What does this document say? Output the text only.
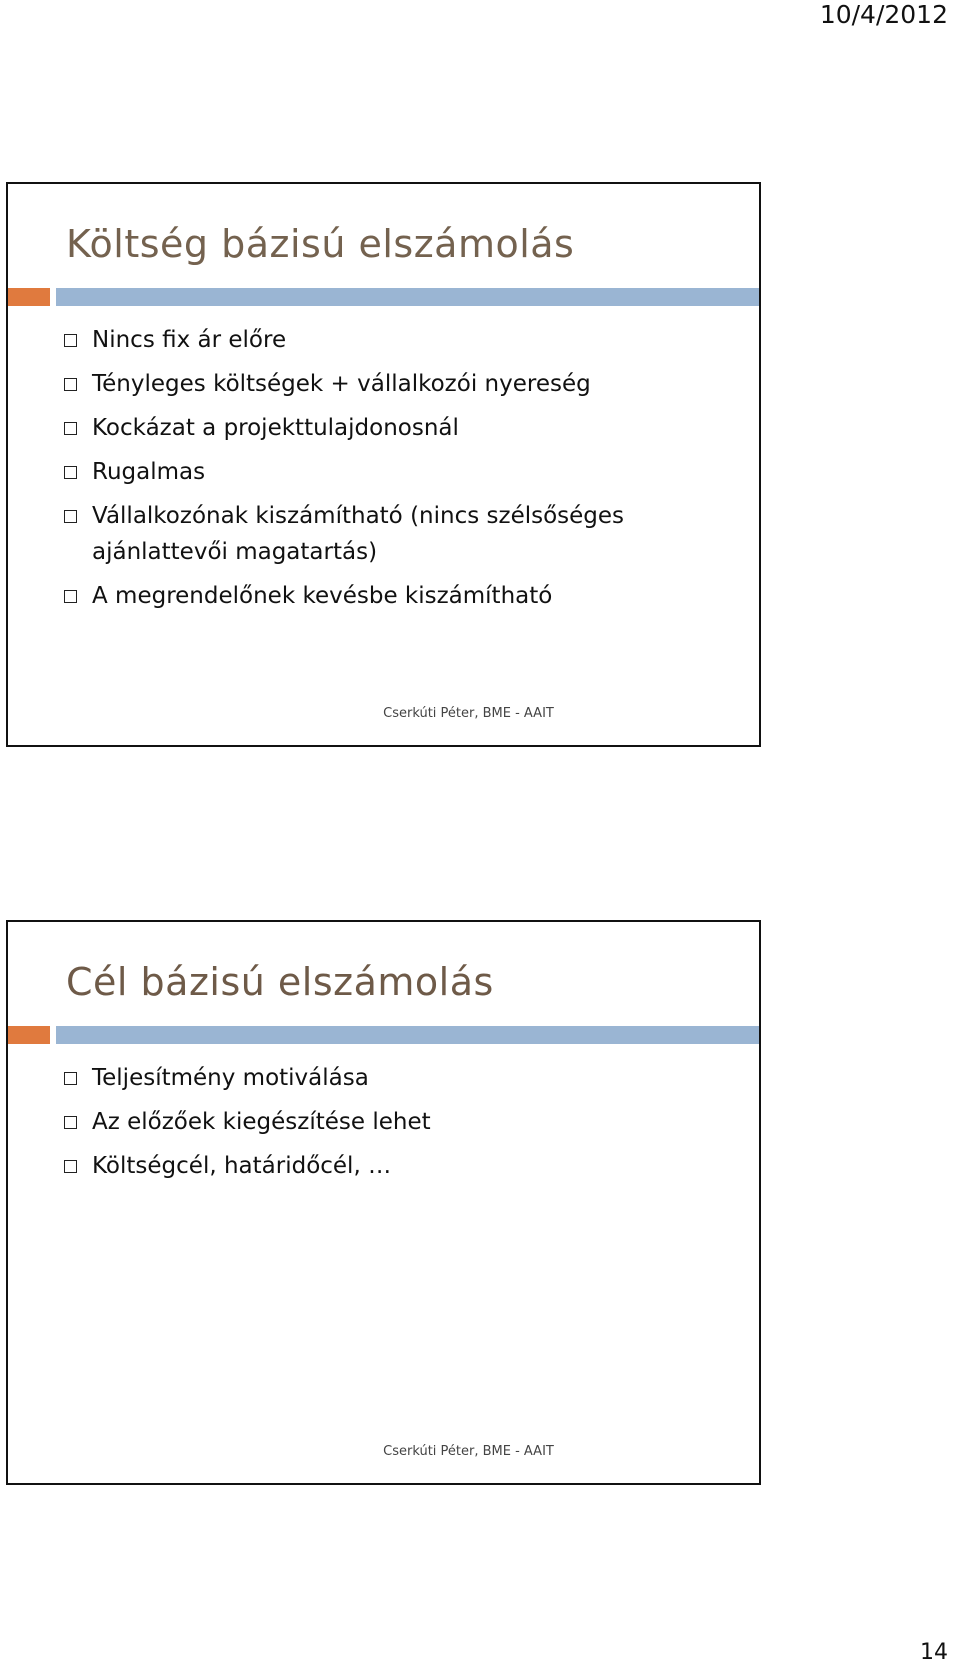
10/4/2012
Költség bázisú elszámolás
Nincs fix ár előre
Tényleges költségek + vállalkozói nyereség
Kockázat a projekttulajdonosnál
Rugalmas
Vállalkozónak kiszámítható (nincs szélsőséges ajánlattevői magatartás)
A megrendelőnek kevésbe kiszámítható
Cserkúti Péter, BME - AAIT
Cél bázisú elszámolás
Teljesítmény motiválása
Az előzőek kiegészítése lehet
Költségcél, határidőcél, …
Cserkúti Péter, BME - AAIT
14
